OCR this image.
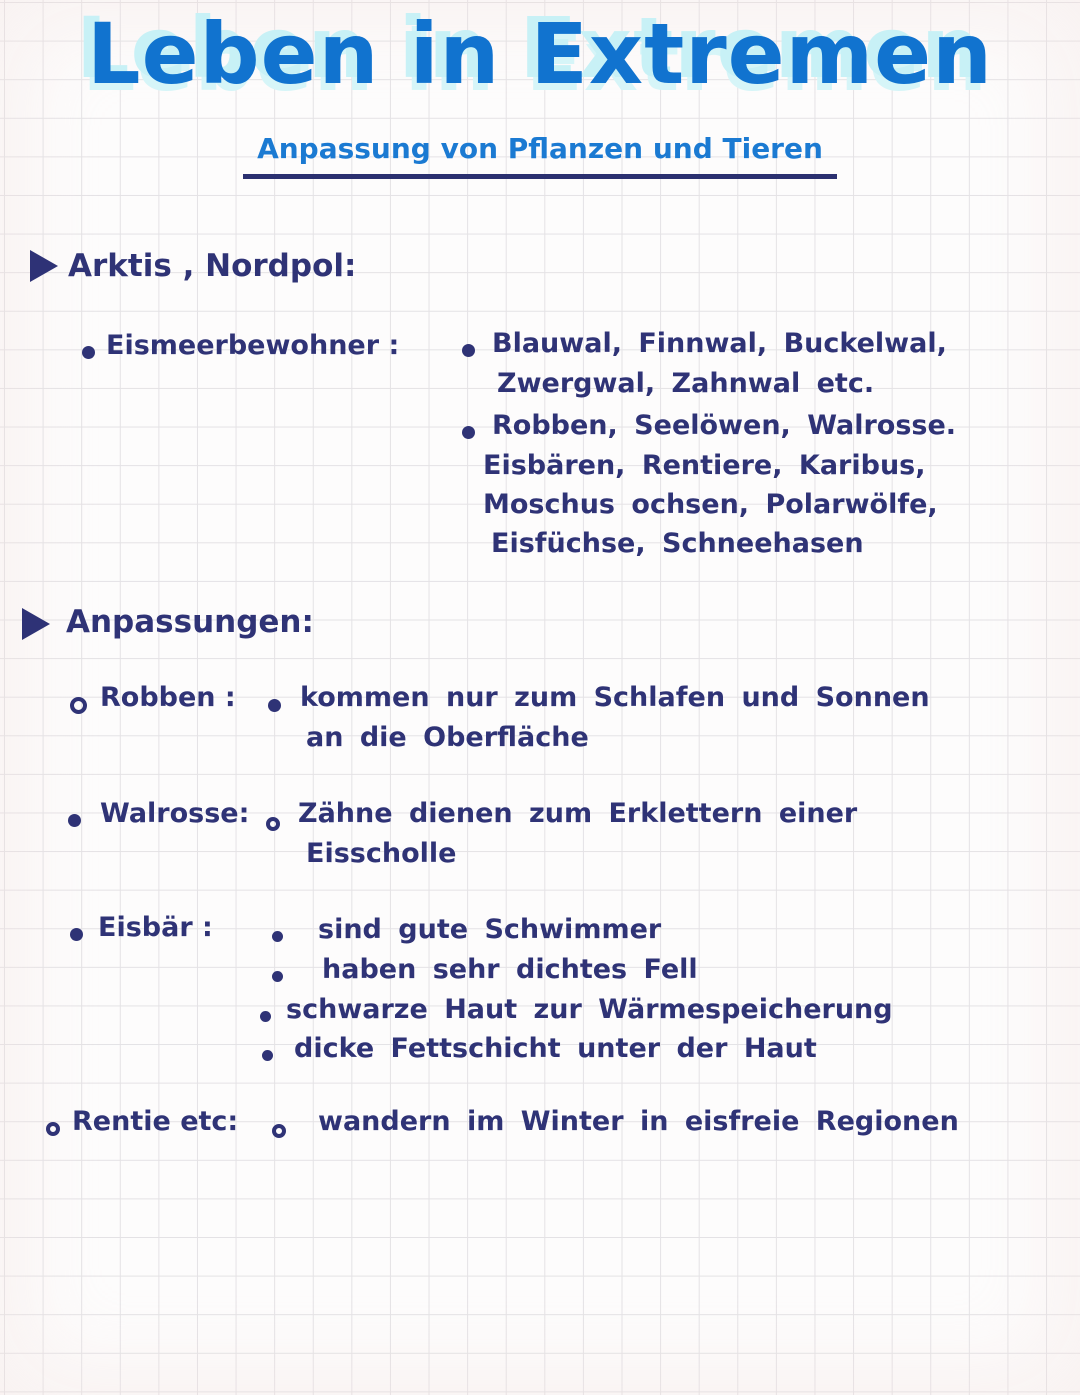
Leben in Extremen
Anpassung von Pflanzen und Tieren
Arktis , Nordpol:
Eismeerbewohner :	Blauwal, Finnwal, Buckelwal,
Zwergwal, Zahnwal etc.
Robben, Seelöwen, Walrosse.
Eisbären, Rentiere, Karibus,
Moschus ochsen, Polarwölfe,
Eisfüchse, Schneehasen
Anpassungen:
Robben : kommen nur zum Schlafen und Sonnen
an die Oberfläche
Walrosse: Zähne dienen zum Erklettern einer
Eisscholle
Eisbär :	sind gute Schwimmer
haben sehr dichtes Fell
schwarze Haut zur Wärmespeicherung
dicke Fettschicht unter der Haut
Rentie etc:	wandern im Winter in eisfreie Regionen
